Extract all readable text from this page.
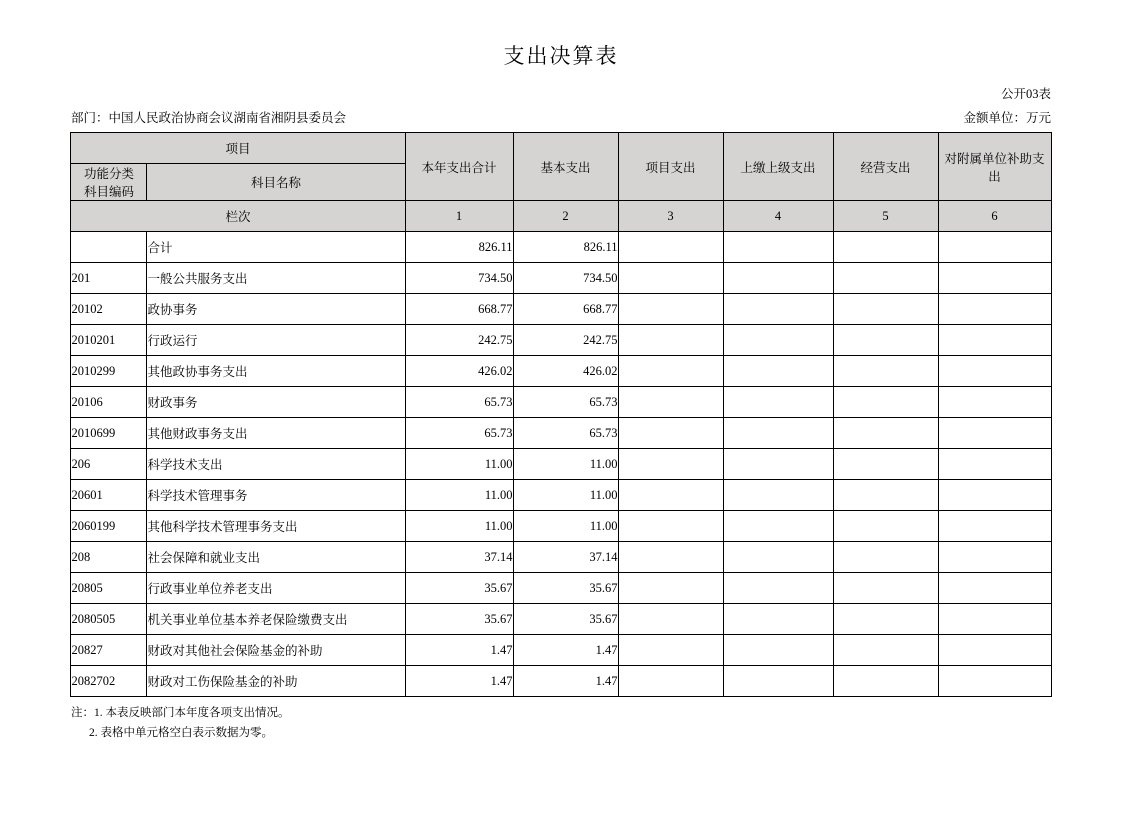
支出决算表
公开03表
部门：中国人民政治协商会议湖南省湘阴县委员会	金额单位：万元
项目		本年支出合计	基本支出	项目支出	上缴上级支出	经营支出	对附属单位补助支出
功能分类
科目编码	科目名称						
栏次		1	2	3	4	5	6
	合计	826.11	826.11				
201	一般公共服务支出	734.50	734.50				
20102	政协事务	668.77	668.77				
2010201	行政运行	242.75	242.75				
2010299	其他政协事务支出	426.02	426.02				
20106	财政事务	65.73	65.73				
2010699	其他财政事务支出	65.73	65.73				
206	科学技术支出	11.00	11.00				
20601	科学技术管理事务	11.00	11.00				
2060199	其他科学技术管理事务支出	11.00	11.00				
208	社会保障和就业支出	37.14	37.14				
20805	行政事业单位养老支出	35.67	35.67				
2080505	机关事业单位基本养老保险缴费支出	35.67	35.67				
20827	财政对其他社会保险基金的补助	1.47	1.47				
2082702	财政对工伤保险基金的补助	1.47	1.47				
注：1. 本表反映部门本年度各项支出情况。
2. 表格中单元格空白表示数据为零。
